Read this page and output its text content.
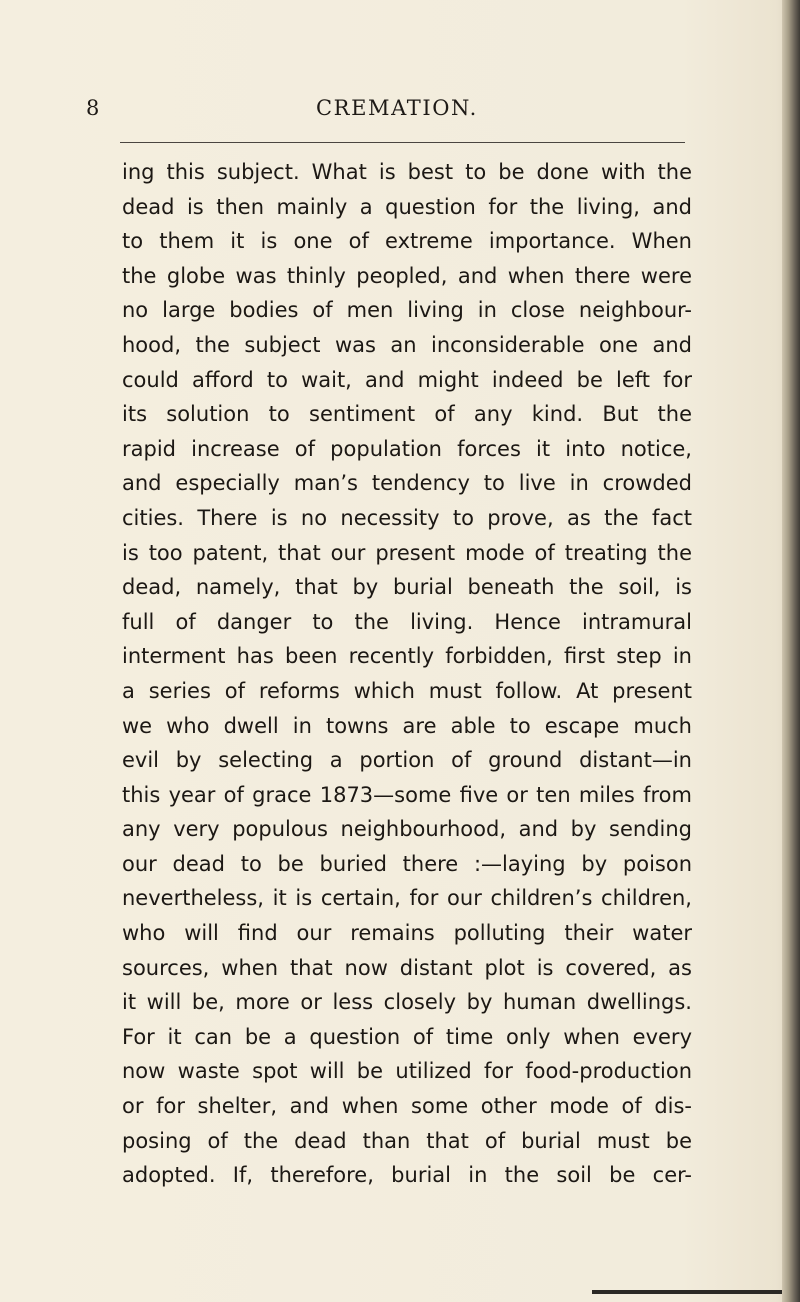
8	CREMATION.
ing this subject. What is best to be done with the
dead is then mainly a question for the living, and
to them it is one of extreme importance. When
the globe was thinly peopled, and when there were
no large bodies of men living in close neighbour-
hood, the subject was an inconsiderable one and
could afford to wait, and might indeed be left for
its solution to sentiment of any kind. But the
rapid increase of population forces it into notice,
and especially man’s tendency to live in crowded
cities. There is no necessity to prove, as the fact
is too patent, that our present mode of treating the
dead, namely, that by burial beneath the soil, is
full of danger to the living. Hence intramural
interment has been recently forbidden, first step in
a series of reforms which must follow. At present
we who dwell in towns are able to escape much
evil by selecting a portion of ground distant—in
this year of grace 1873—some five or ten miles from
any very populous neighbourhood, and by sending
our dead to be buried there :—laying by poison
nevertheless, it is certain, for our children’s children,
who will find our remains polluting their water
sources, when that now distant plot is covered, as
it will be, more or less closely by human dwellings.
For it can be a question of time only when every
now waste spot will be utilized for food-production
or for shelter, and when some other mode of dis-
posing of the dead than that of burial must be
adopted. If, therefore, burial in the soil be cer-
